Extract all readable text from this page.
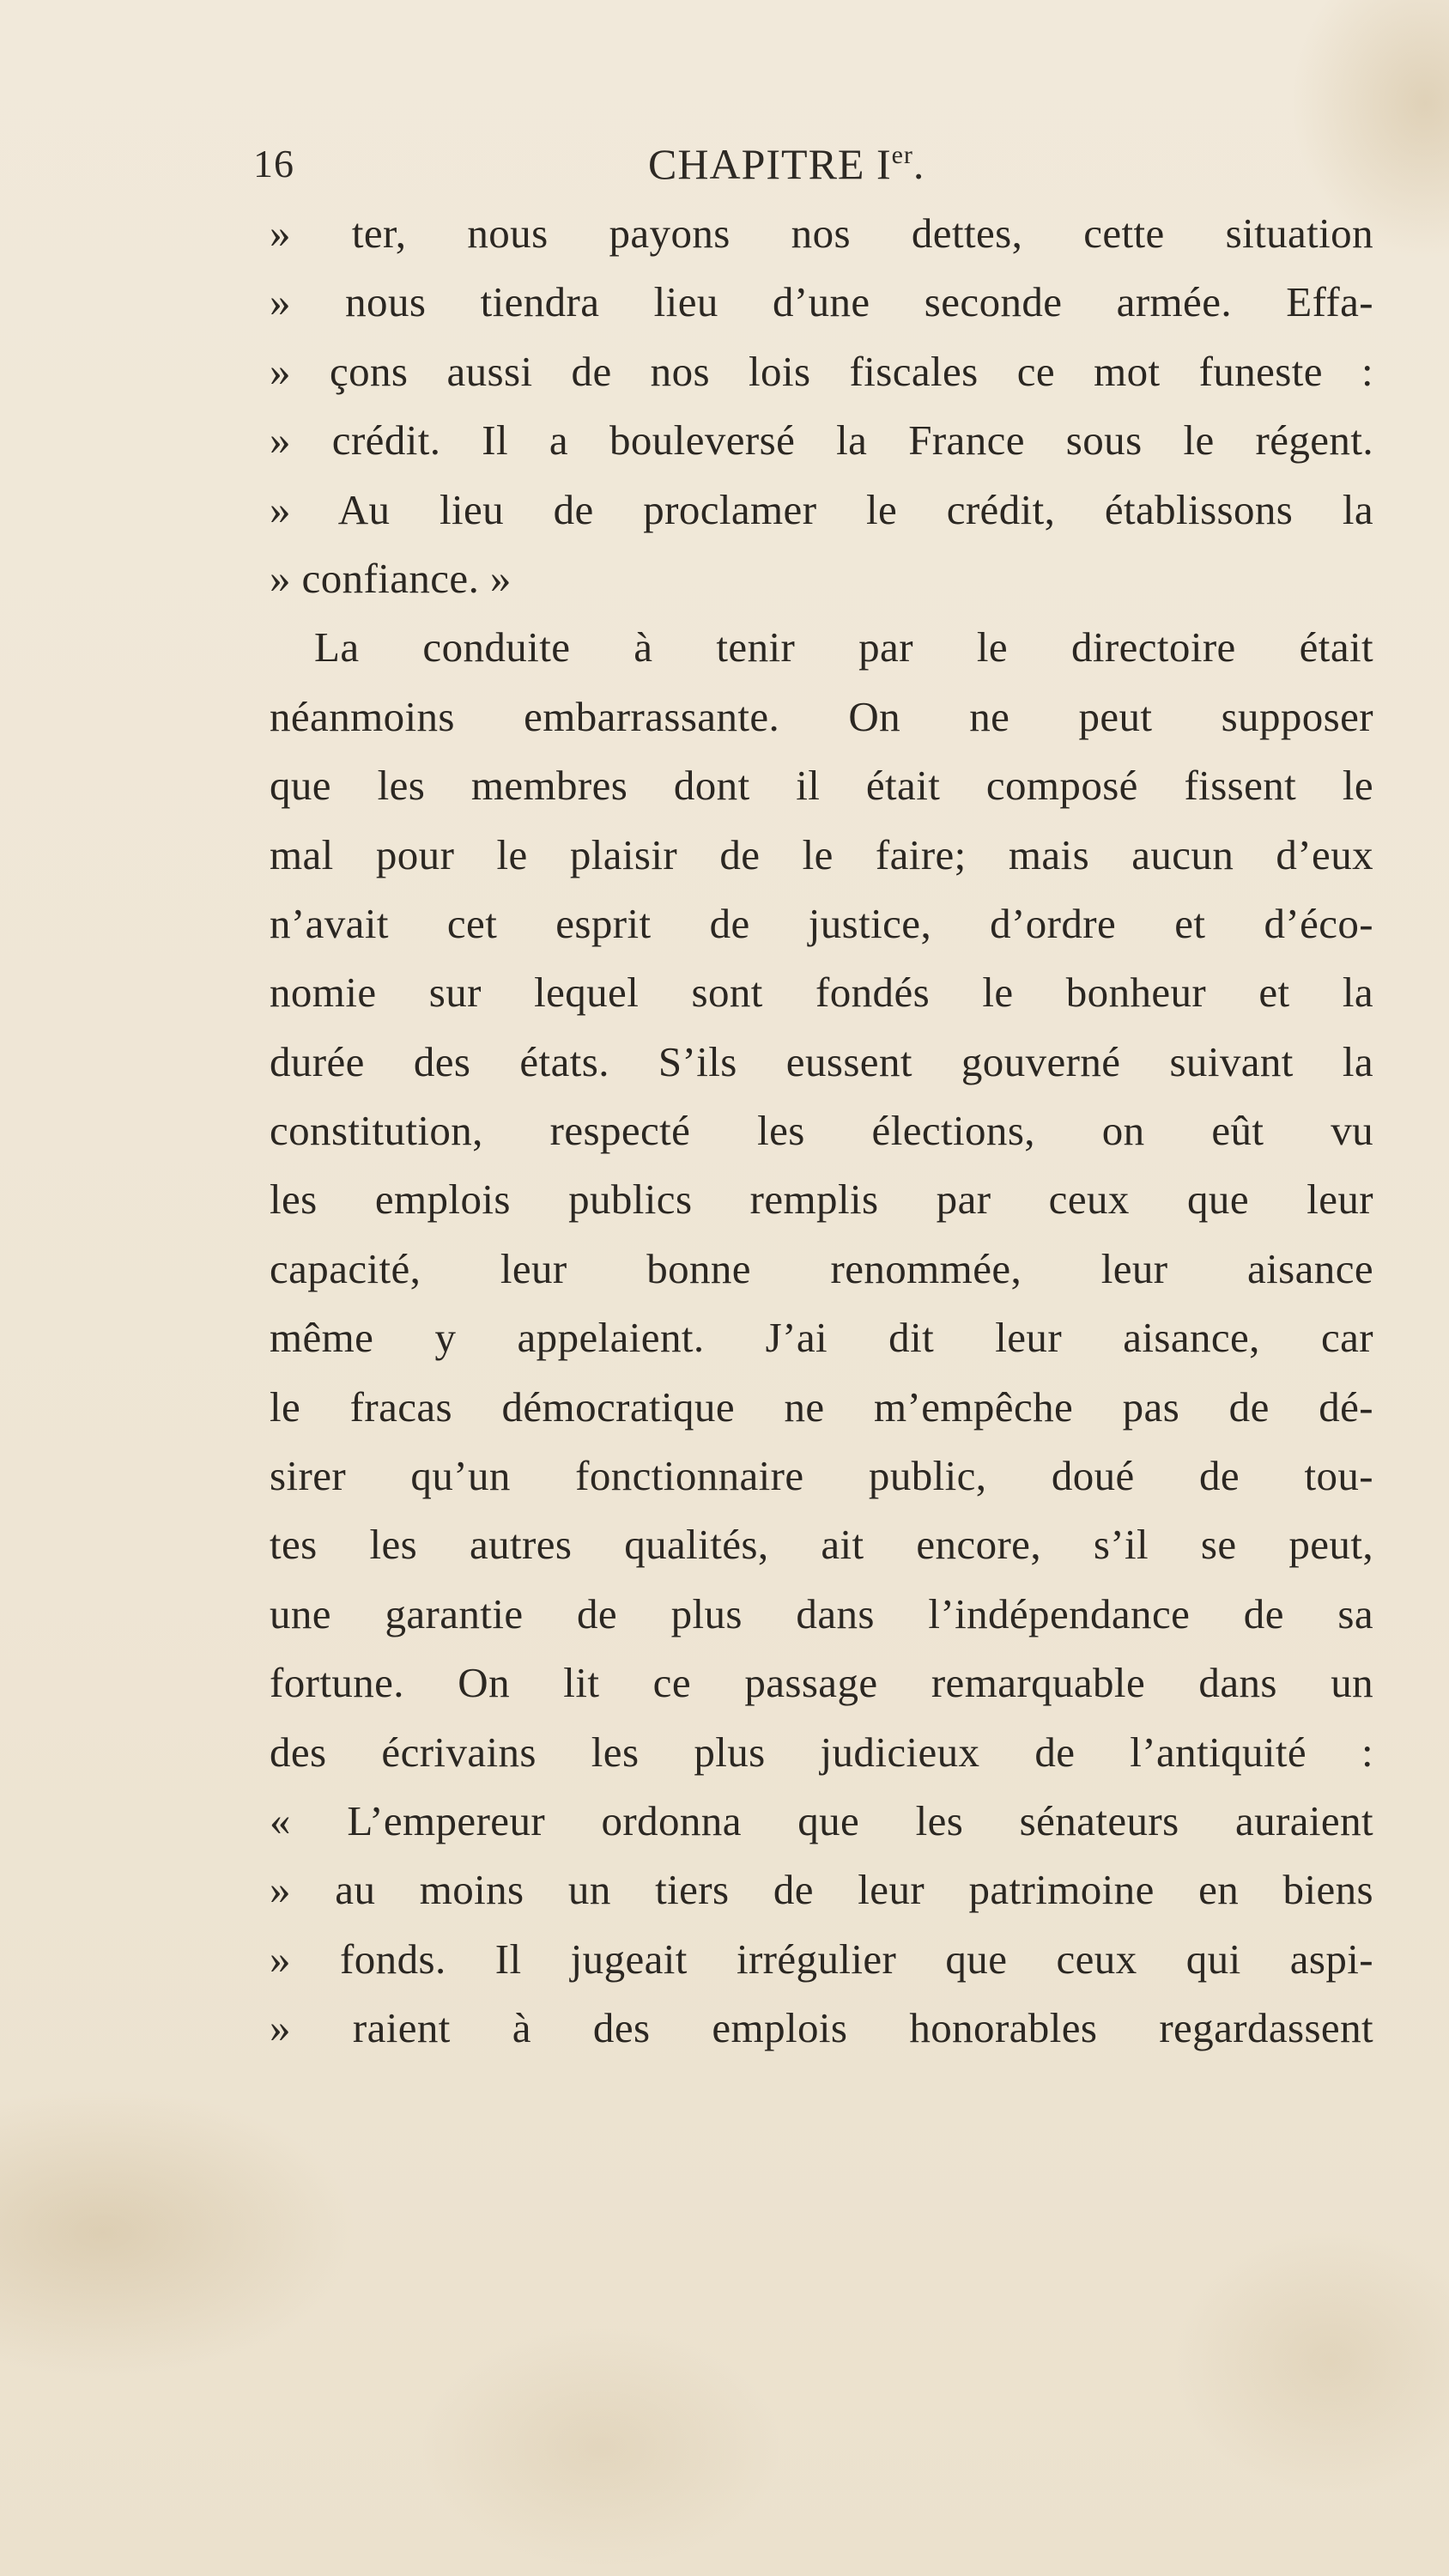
16	CHAPITRE Ier.
» ter, nous payons nos dettes, cette situation
» nous tiendra lieu d’une seconde armée. Effa-
» çons aussi de nos lois fiscales ce mot funeste :
» crédit. Il a bouleversé la France sous le régent.
» Au lieu de proclamer le crédit, établissons la
» confiance. »
La conduite à tenir par le directoire était
néanmoins embarrassante. On ne peut supposer
que les membres dont il était composé fissent le
mal pour le plaisir de le faire; mais aucun d’eux
n’avait cet esprit de justice, d’ordre et d’éco-
nomie sur lequel sont fondés le bonheur et la
durée des états. S’ils eussent gouverné suivant la
constitution, respecté les élections, on eût vu
les emplois publics remplis par ceux que leur
capacité, leur bonne renommée, leur aisance
même y appelaient. J’ai dit leur aisance, car
le fracas démocratique ne m’empêche pas de dé-
sirer qu’un fonctionnaire public, doué de tou-
tes les autres qualités, ait encore, s’il se peut,
une garantie de plus dans l’indépendance de sa
fortune. On lit ce passage remarquable dans un
des écrivains les plus judicieux de l’antiquité :
« L’empereur ordonna que les sénateurs auraient
» au moins un tiers de leur patrimoine en biens
» fonds. Il jugeait irrégulier que ceux qui aspi-
» raient à des emplois honorables regardassent
